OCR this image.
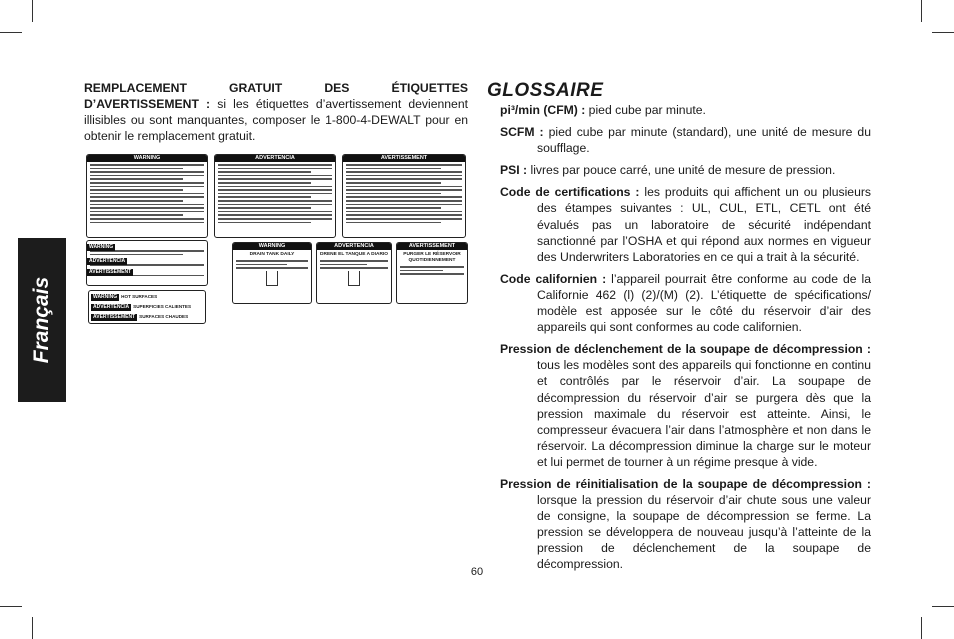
Français
REMPLACEMENT GRATUIT DES ÉTIQUETTES
D’AVERTISSEMENT : si les étiquettes d’avertissement deviennent illisibles ou sont manquantes, composer le 1-800-4-DEWALT pour en obtenir le remplacement gratuit.
WARNING	ADVERTENCIA	AVERTISSEMENT
WARNING
ADVERTENCIA
AVERTISSEMENT
WARNING
DRAIN TANK DAILY
ADVERTENCIA
DRENE EL TANQUE A DIARIO
AVERTISSEMENT
PURGER LE RÉSERVOIR QUOTIDIENNEMENT
WARNING HOT SURFACES
ADVERTENCIA SUPERFICIES CALIENTES
AVERTISSEMENT SURFACES CHAUDES
GLOSSAIRE
pi³/min (CFM) : pied cube par minute.
SCFM : pied cube par minute (standard), une unité de mesure du soufflage.
PSI : livres par pouce carré, une unité de mesure de pression.
Code de certifications : les produits qui affichent un ou plusieurs des étampes suivantes : UL, CUL, ETL, CETL ont été évalués pas un laboratoire de sécurité indépendant sanctionné par l’OSHA et qui répond aux normes en vigueur des Underwriters Laboratories en ce qui a trait à la sécurité.
Code californien : l’appareil pourrait être conforme au code de la Californie 462 (l) (2)/(M) (2). L’étiquette de spécifications/ modèle est apposée sur le côté du réservoir d’air des appareils qui sont conformes au code californien.
Pression de déclenchement de la soupape de décompression : tous les modèles sont des appareils qui fonctionne en continu et contrôlés par le réservoir d’air. La soupape de décompression du réservoir d’air se purgera dès que la pression maximale du réservoir est atteinte. Ainsi, le compresseur évacuera l’air dans l’atmosphère et non dans le réservoir. La décompression diminue la charge sur le moteur et lui permet de tourner à un régime presque à vide.
Pression de réinitialisation de la soupape de décompression : lorsque la pression du réservoir d’air chute sous une valeur de consigne, la soupape de décompression se ferme. La pression se développera de nouveau jusqu’à l’atteinte de la pression de déclenchement de la soupape de décompression.
60
